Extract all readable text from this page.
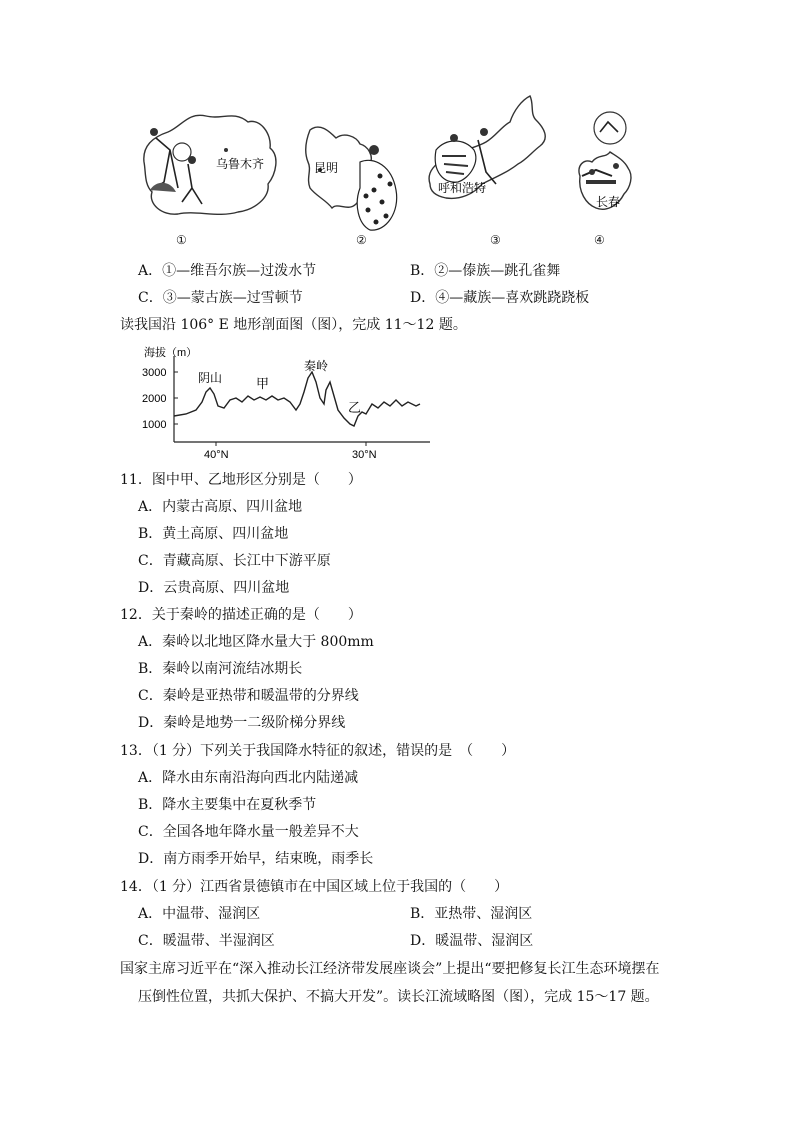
乌鲁木齐	昆明
呼和浩特
长春
①	②	③	④
A．①—维吾尔族—过泼水节	B．②—傣族—跳孔雀舞
C．③—蒙古族—过雪顿节	D．④—藏族—喜欢跳跷跷板
读我国沿 106° E 地形剖面图（图），完成 11～12 题。
海拔（m）
3000
2000
1000
40°N	30°N
阴山	甲
秦岭
乙
11．图中甲、乙地形区分别是（　　）
A．内蒙古高原、四川盆地
B．黄土高原、四川盆地
C．青藏高原、长江中下游平原
D．云贵高原、四川盆地
12．关于秦岭的描述正确的是（　　）
A．秦岭以北地区降水量大于 800mm
B．秦岭以南河流结冰期长
C．秦岭是亚热带和暖温带的分界线
D．秦岭是地势一二级阶梯分界线
13．（1 分）下列关于我国降水特征的叙述，错误的是　（　　）
A．降水由东南沿海向西北内陆递减
B．降水主要集中在夏秋季节
C．全国各地年降水量一般差异不大
D．南方雨季开始早，结束晚，雨季长
14．（1 分）江西省景德镇市在中国区域上位于我国的（　　）
A．中温带、湿润区	B．亚热带、湿润区
C．暖温带、半湿润区	D．暖温带、湿润区
国家主席习近平在“深入推动长江经济带发展座谈会”上提出“要把修复长江生态环境摆在
压倒性位置，共抓大保护、不搞大开发”。读长江流域略图（图），完成 15～17 题。
